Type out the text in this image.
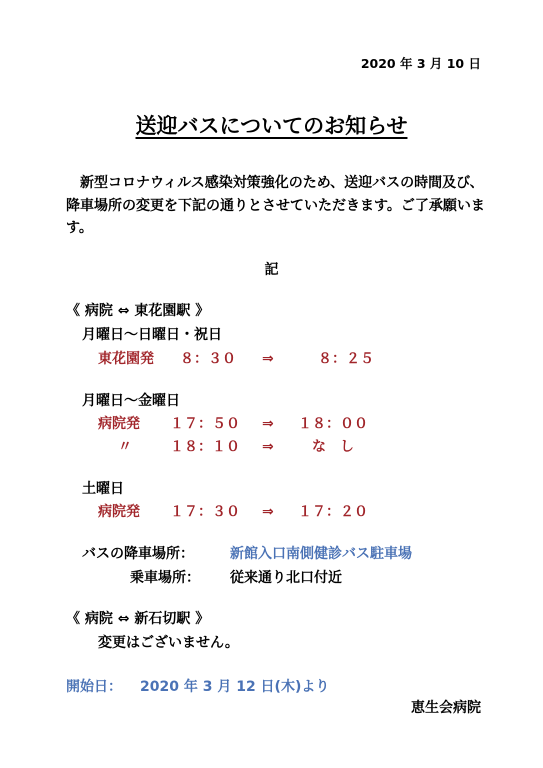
2020 年 3 月 10 日
送迎バスについてのお知らせ
新型コロナウィルス感染対策強化のため、送迎バスの時間及び、降車場所の変更を下記の通りとさせていただきます。ご了承願います。
記
《 病院 ⇔ 東花園駅 》
月曜日～日曜日・祝日
東花園発 ８：３０ ⇒	８：２５
月曜日～金曜日
病院発 １７：５０ ⇒ １８：００
〃	１８：１０ ⇒	な　し
土曜日
病院発 １７：３０ ⇒ １７：２０
バスの降車場所：	新館入口南側健診バス駐車場
乗車場所： 従来通り北口付近
《 病院 ⇔ 新石切駅 》
変更はございません。
開始日： 2020 年 3 月 12 日(木)より
恵生会病院
